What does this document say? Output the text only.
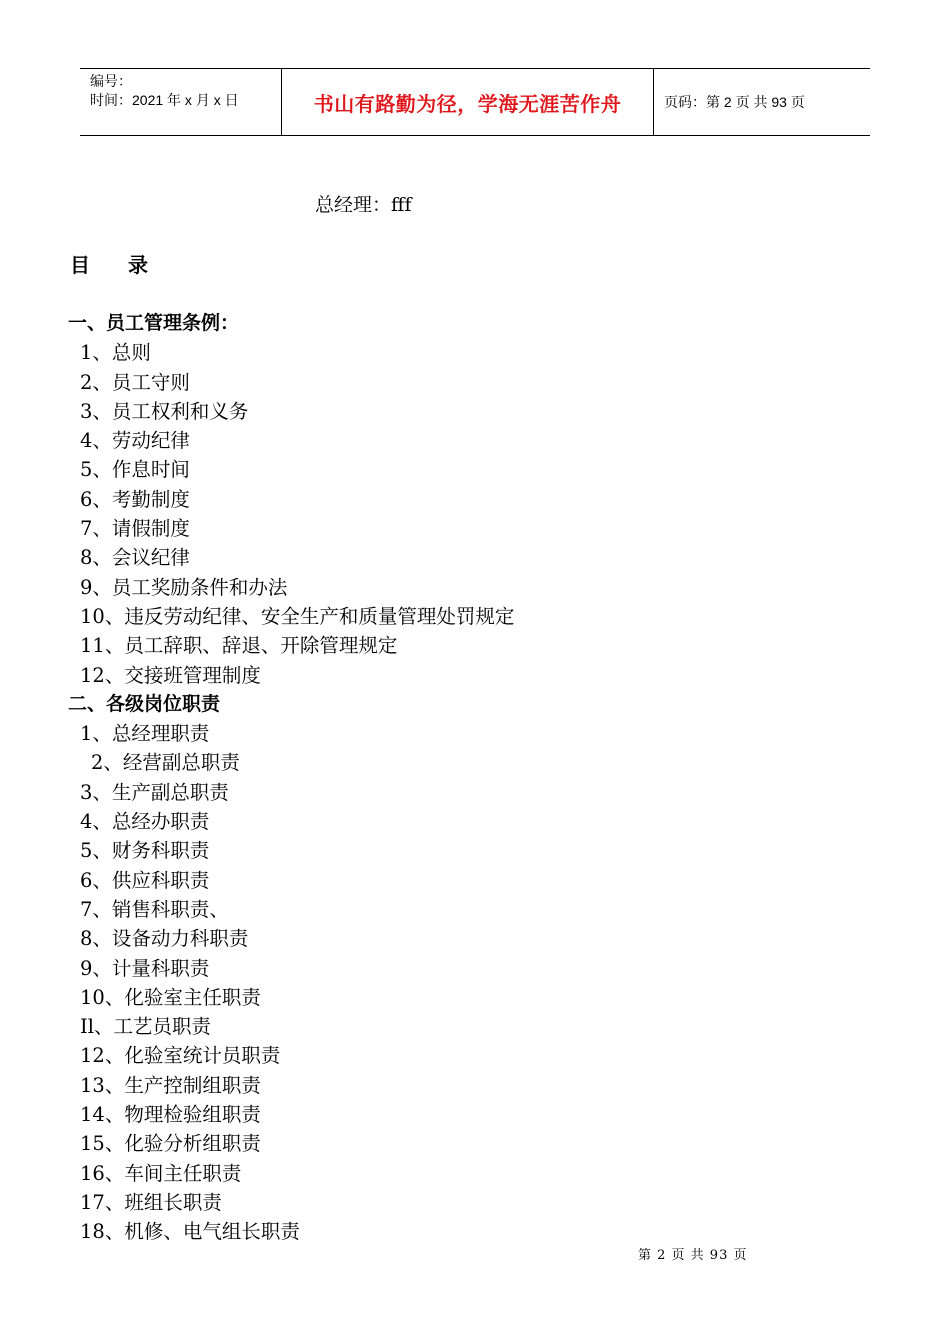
编号：
时间：2021 年 x 月 x 日	书山有路勤为径，学海无涯苦作舟	页码：第 2 页 共 93 页
总经理：fff
目 录
一、员工管理条例：
1、总则
2、员工守则
3、员工权利和义务
4、劳动纪律
5、作息时间
6、考勤制度
7、请假制度
8、会议纪律
9、员工奖励条件和办法
10、违反劳动纪律、安全生产和质量管理处罚规定
11、员工辞职、辞退、开除管理规定
12、交接班管理制度
二、各级岗位职责
1、总经理职责
2、经营副总职责
3、生产副总职责
4、总经办职责
5、财务科职责
6、供应科职责
7、销售科职责、
8、设备动力科职责
9、计量科职责
10、化验室主任职责
Il、工艺员职责
12、化验室统计员职责
13、生产控制组职责
14、物理检验组职责
15、化验分析组职责
16、车间主任职责
17、班组长职责
18、机修、电气组长职责
第 2 页 共 93 页
